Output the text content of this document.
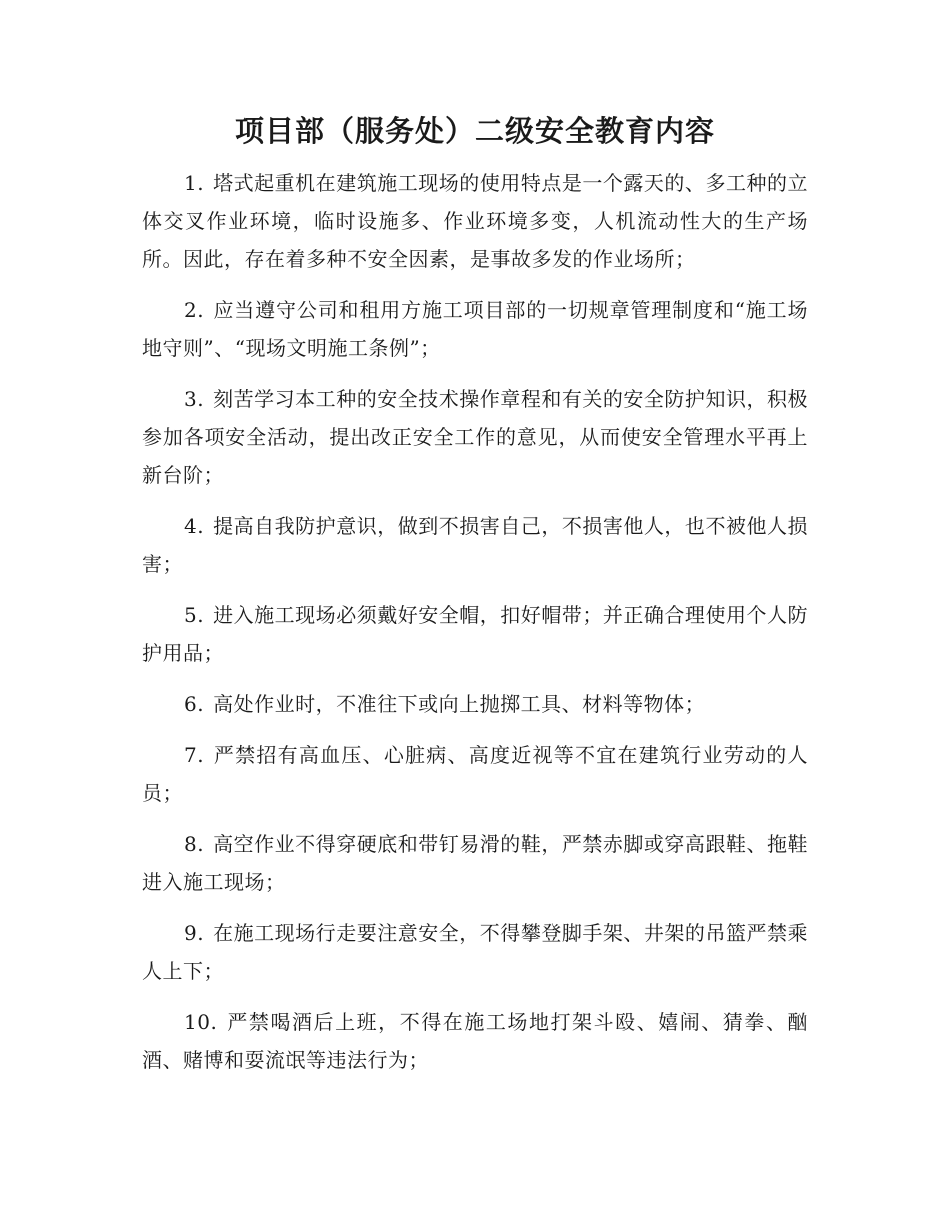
项目部（服务处）二级安全教育内容
1. 塔式起重机在建筑施工现场的使用特点是一个露天的、多工种的立体交叉作业环境，临时设施多、作业环境多变，人机流动性大的生产场所。因此，存在着多种不安全因素，是事故多发的作业场所；
2. 应当遵守公司和租用方施工项目部的一切规章管理制度和“施工场地守则”、“现场文明施工条例”；
3. 刻苦学习本工种的安全技术操作章程和有关的安全防护知识，积极参加各项安全活动，提出改正安全工作的意见，从而使安全管理水平再上新台阶；
4. 提高自我防护意识，做到不损害自己，不损害他人，也不被他人损害；
5. 进入施工现场必须戴好安全帽，扣好帽带；并正确合理使用个人防护用品；
6. 高处作业时，不准往下或向上抛掷工具、材料等物体；
7. 严禁招有高血压、心脏病、高度近视等不宜在建筑行业劳动的人员；
8. 高空作业不得穿硬底和带钉易滑的鞋，严禁赤脚或穿高跟鞋、拖鞋进入施工现场；
9. 在施工现场行走要注意安全，不得攀登脚手架、井架的吊篮严禁乘人上下；
10. 严禁喝酒后上班，不得在施工场地打架斗殴、嬉闹、猜拳、酗酒、赌博和耍流氓等违法行为；
